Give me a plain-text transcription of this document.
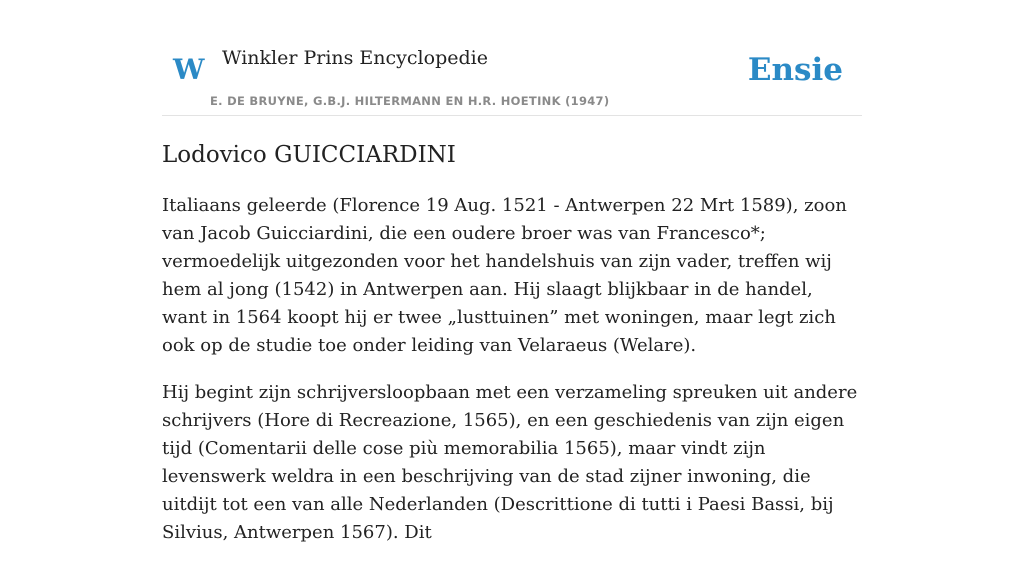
W Winkler Prins Encyclopedie
E. DE BRUYNE, G.B.J. HILTERMANN EN H.R. HOETINK (1947)
Ensie
Lodovico GUICCIARDINI

Italiaans geleerde (Florence 19 Aug. 1521 - Antwerpen 22 Mrt 1589), zoon van Jacob Guicciardini, die een oudere broer was van Francesco*; vermoedelijk uitgezonden voor het handelshuis van zijn vader, treffen wij hem al jong (1542) in Antwerpen aan. Hij slaagt blijkbaar in de handel, want in 1564 koopt hij er twee „lusttuinen” met woningen, maar legt zich ook op de studie toe onder leiding van Velaraeus (Welare).

Hij begint zijn schrijversloopbaan met een verzameling spreuken uit andere schrijvers (Hore di Recreazione, 1565), en een geschiedenis van zijn eigen tijd (Comentarii delle cose più memorabilia 1565), maar vindt zijn levenswerk weldra in een beschrijving van de stad zijner inwoning, die uitdijt tot een van alle Nederlanden (Descrittione di tutti i Paesi Bassi, bij Silvius, Antwerpen 1567). Dit
